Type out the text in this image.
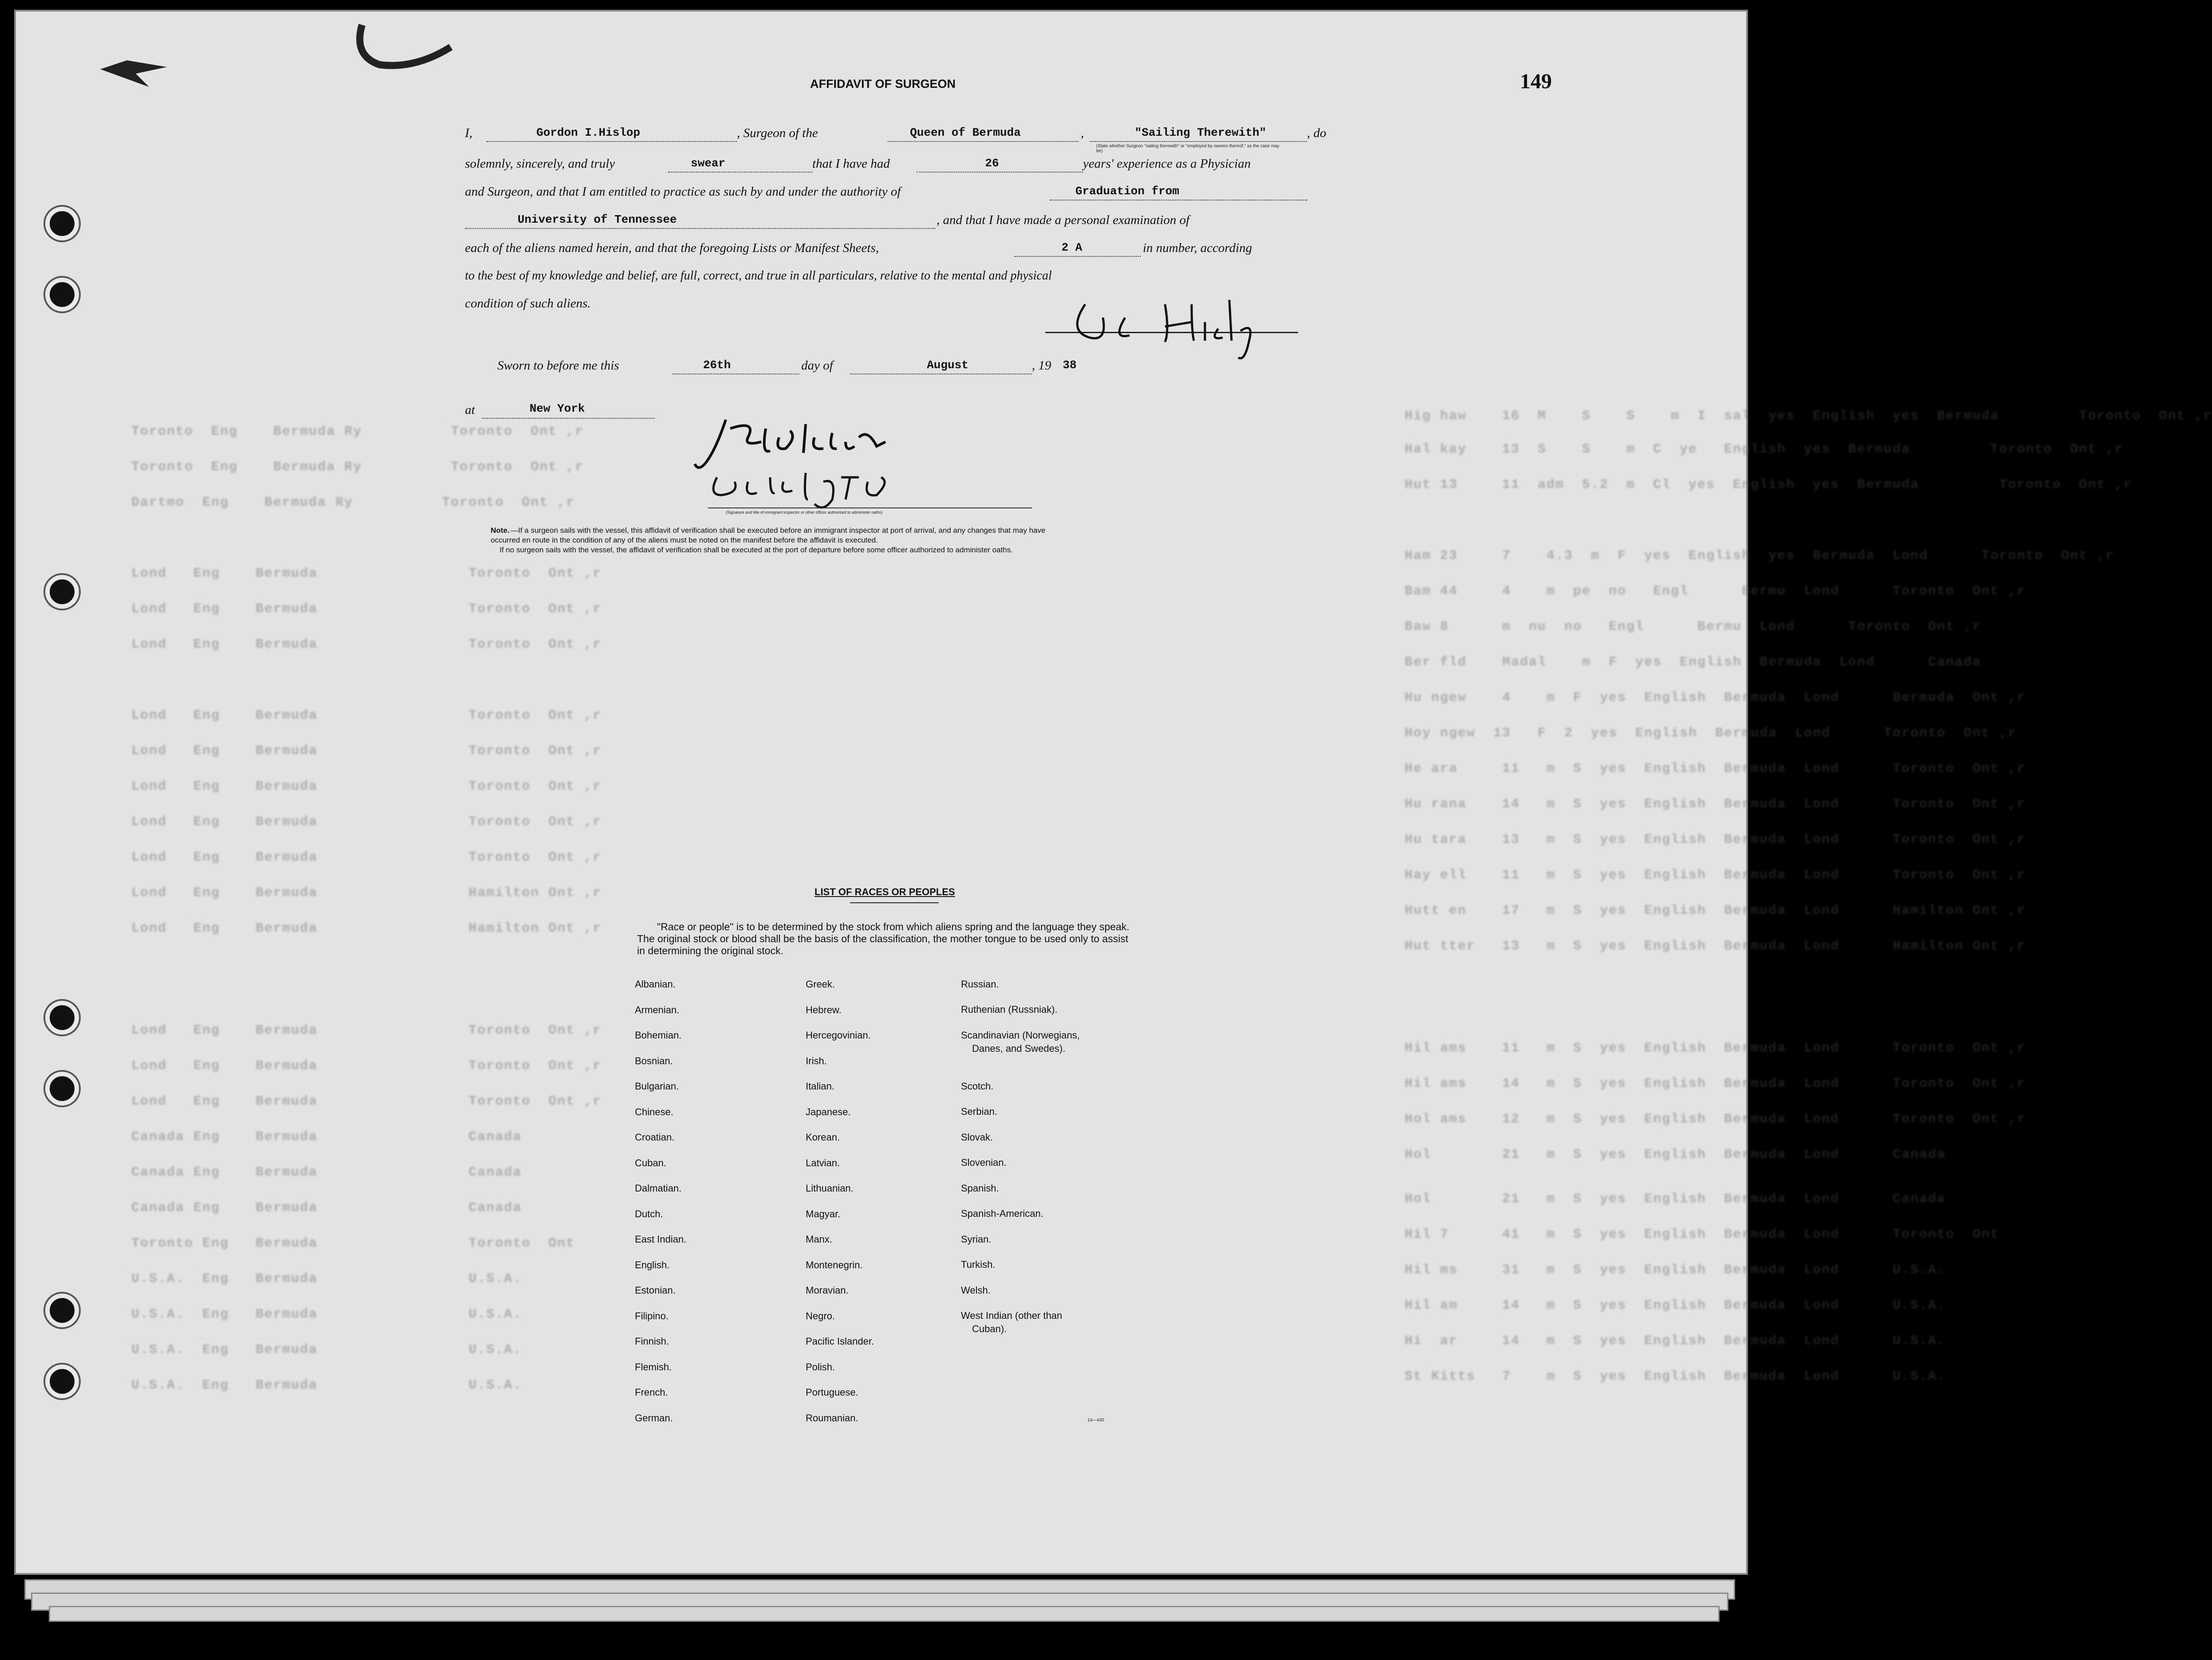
Hig haw    16  M    S    S    m  I  sal  yes  English  yes  Bermuda         Toronto  Ont ,r
Hal kay    13  S    S    m  C  ye   English  yes  Bermuda         Toronto  Ont ,r
Hut 13     11  adm  5.2  m  Cl  yes  English  yes  Bermuda         Toronto  Ont ,r
Ham 23     7    4.3  m  F  yes  English  yes  Bermuda  Lond      Toronto  Ont ,r
Bam 44     4    m  pe  no   Engl      Bermu  Lond      Toronto  Ont ,r
Baw 8      m  nu  no   Engl      Bermu  Lond      Toronto  Ont ,r
Ber fld    Madal    m  F  yes  English  Bermuda  Lond      Canada
Hu ngew    4    m  F  yes  English  Bermuda  Lond      Bermuda  Ont ,r
Hoy ngew  13   F  2  yes  English  Bermuda  Lond      Toronto  Ont ,r
He ara     11   m  S  yes  English  Bermuda  Lond      Toronto  Ont ,r
Hu rana    14   m  S  yes  English  Bermuda  Lond      Toronto  Ont ,r
Hu tara    13   m  S  yes  English  Bermuda  Lond      Toronto  Ont ,r
Hay ell    11   m  S  yes  English  Bermuda  Lond      Toronto  Ont ,r
Hutt en    17   m  S  yes  English  Bermuda  Lond      Hamilton Ont ,r
Hut tter   13   m  S  yes  English  Bermuda  Lond      Hamilton Ont ,r
Hil ams    11   m  S  yes  English  Bermuda  Lond      Toronto  Ont ,r
Hil ams    14   m  S  yes  English  Bermuda  Lond      Toronto  Ont ,r
Hol ams    12   m  S  yes  English  Bermuda  Lond      Toronto  Ont ,r
Hol        21   m  S  yes  English  Bermuda  Lond      Canada
Hol        21   m  S  yes  English  Bermuda  Lond      Canada
Hil 7      41   m  S  yes  English  Bermuda  Lond      Toronto  Ont
Hil ms     31   m  S  yes  English  Bermuda  Lond      U.S.A.
Hil am     14   m  S  yes  English  Bermuda  Lond      U.S.A.
Hi  ar     14   m  S  yes  English  Bermuda  Lond      U.S.A.
St Kitts   7    m  S  yes  English  Bermuda  Lond      U.S.A.
Toronto  Eng    Bermuda Ry          Toronto  Ont ,r
Toronto  Eng    Bermuda Ry          Toronto  Ont ,r
Dartmo  Eng    Bermuda Ry          Toronto  Ont ,r
Lond   Eng    Bermuda                 Toronto  Ont ,r
Lond   Eng    Bermuda                 Toronto  Ont ,r
Lond   Eng    Bermuda                 Toronto  Ont ,r
Lond   Eng    Bermuda                 Toronto  Ont ,r
Lond   Eng    Bermuda                 Toronto  Ont ,r
Lond   Eng    Bermuda                 Toronto  Ont ,r
Lond   Eng    Bermuda                 Toronto  Ont ,r
Lond   Eng    Bermuda                 Toronto  Ont ,r
Lond   Eng    Bermuda                 Hamilton Ont ,r
Lond   Eng    Bermuda                 Hamilton Ont ,r
Lond   Eng    Bermuda                 Toronto  Ont ,r
Lond   Eng    Bermuda                 Toronto  Ont ,r
Lond   Eng    Bermuda                 Toronto  Ont ,r
Canada Eng    Bermuda                 Canada
Canada Eng    Bermuda                 Canada
Canada Eng    Bermuda                 Canada
Toronto Eng   Bermuda                 Toronto  Ont
U.S.A.  Eng   Bermuda                 U.S.A.
U.S.A.  Eng   Bermuda                 U.S.A.
U.S.A.  Eng   Bermuda                 U.S.A.
U.S.A.  Eng   Bermuda                 U.S.A.
AFFIDAVIT OF SURGEON	149
I,	Gordon I.Hislop	, Surgeon of the	Queen of Bermuda	,	"Sailing Therewith"	, do
(State whether Surgeon "sailing therewith" or "employed by owners thereof," as the case may be)
solemnly, sincerely, and truly	swear	that I have had	26	years' experience as a Physician
and Surgeon, and that I am entitled to practice as such by and under the authority of	Graduation from
University of Tennessee	, and that I have made a personal examination of
each of the aliens named herein, and that the foregoing Lists or Manifest Sheets,	2 A	in number, according
to the best of my knowledge and belief, are full, correct, and true in all particulars, relative to the mental and physical
condition of such aliens.
Sworn to before me this	26th	day of	August	, 19 38
at	New York
(Signature and title of immigrant inspector or other officer authorized to administer oaths)
Note. —If a surgeon sails with the vessel, this affidavit of verification shall be executed before an immigrant inspector at port of arrival, and any changes that may have
occurred en route in the condition of any of the aliens must be noted on the manifest before the affidavit is executed.
If no surgeon sails with the vessel, the affidavit of verification shall be executed at the port of departure before some officer authorized to administer oaths.
LIST OF RACES OR PEOPLES
"Race or people" is to be determined by the stock from which aliens spring and the language they speak. The original stock or blood shall be the basis of the classification, the mother tongue to be used only to assist in determining the original stock.
Albanian.
Armenian.
Bohemian.
Bosnian.
Bulgarian.
Chinese.
Croatian.
Cuban.
Dalmatian.
Dutch.
East Indian.
English.
Estonian.
Filipino.
Finnish.
Flemish.
French.
German.
Greek.
Hebrew.
Hercegovinian.
Irish.
Italian.
Japanese.
Korean.
Latvian.
Lithuanian.
Magyar.
Manx.
Montenegrin.
Moravian.
Negro.
Pacific Islander.
Polish.
Portuguese.
Roumanian.
Russian.
Ruthenian (Russniak).
Scandinavian (Norwegians,
Danes, and Swedes).
Scotch.
Serbian.
Slovak.
Slovenian.
Spanish.
Spanish-American.
Syrian.
Turkish.
Welsh.
West Indian (other than
Cuban).
14—430
